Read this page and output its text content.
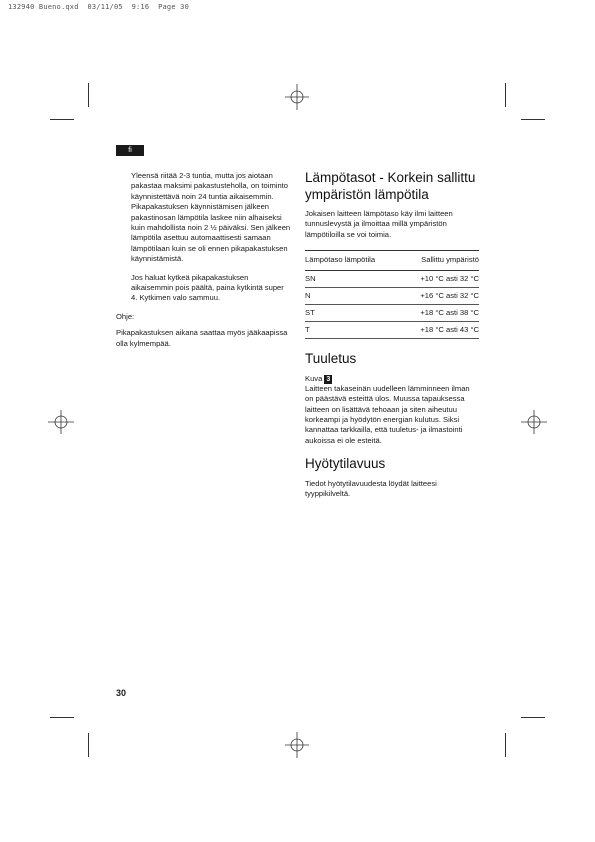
132940 Bueno.qxd  03/11/05  9:16  Page 30
fi

Yleensä riitää 2-3 tuntia, mutta jos aiotaan pakastaa maksimi pakastusteholla, on toiminto käynnistettävä noin 24 tuntia aikaisemmin. Pikapakastuksen käynnistämisen jälkeen pakastinosan lämpötila laskee niin alhaiseksi kuin mahdollista noin 2 ½ päiväksi. Sen jälkeen lämpötila asettuu automaattisesti samaan lämpötilaan kuin se oli ennen pikapakastuksen käynnistämistä.

Jos haluat kytkeä pikapakastuksen aikaisemmin pois päältä, paina kytkintä super 4. Kytkimen valo sammuu.

Ohje:

Pikapakastuksen aikana saattaa myös jääkaapissa olla kylmempää.

Lämpötasot - Korkein sallittu ympäristön lämpötila

Jokaisen laitteen lämpötaso käy ilmi laitteen tunnuslevystä ja ilmoittaa millä ympäristön lämpötiloilla se voi toimia.

Lämpötaso lämpötila	Sallittu ympäristö
SN	+10 °C asti 32 °C
N	+16 °C asti 32 °C
ST	+18 °C asti 38 °C
T	+18 °C asti 43 °C
Tuuletus
Kuva 3

Laitteen takaseinän uudelleen lämminneen ilman on päästävä esteittä ulos. Muussa tapauksessa laitteen on lisättävä tehoaan ja siten aiheutuu korkeampi ja hyödytön energian kulutus. Siksi kannattaa tarkkailla, että tuuletus- ja ilmastointi aukoissa ei ole esteitä.

Hyötytilavuus

Tiedot hyötytilavuudesta löydät laitteesi tyyppikilveltä.

30
